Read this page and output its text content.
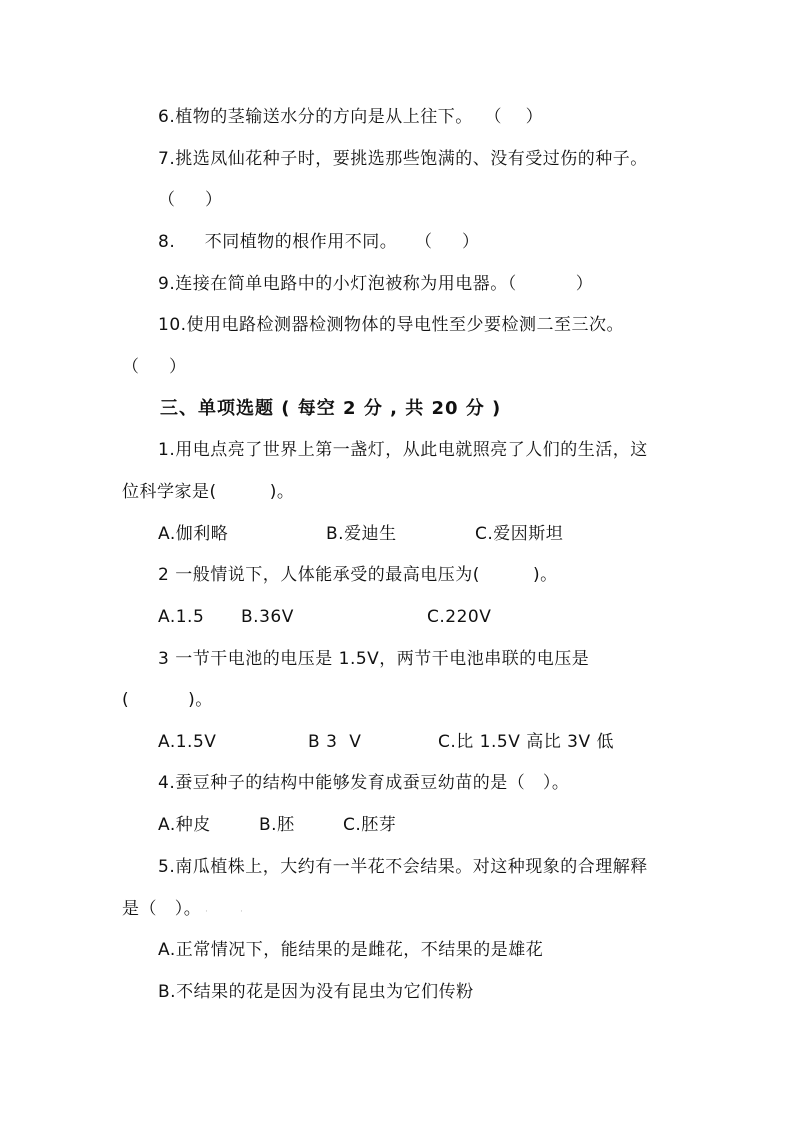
6.植物的茎输送水分的方向是从上往下。  （    ）
7.挑选凤仙花种子时，要挑选那些饱满的、没有受过伤的种子。
（     ）
8.     不同植物的根作用不同。   （     ）
9.连接在简单电路中的小灯泡被称为用电器。（          ）
10.使用电路检测器检测物体的导电性至少要检测二至三次。
（     ）
三、单项选题 ( 每空 2 分 , 共 20 分 )
1.用电点亮了世界上第一盏灯，从此电就照亮了人们的生活，这
位科学家是(         )。
A.伽利略	B.爱迪生	C.爱因斯坦
2 一般情说下，人体能承受的最高电压为(         )。
A.1.5 B.36V	C.220V
3 一节干电池的电压是 1.5V，两节干电池串联的电压是
(          )。
A.1.5V	B 3  V	C.比 1.5V 高比 3V 低
4.蚕豆种子的结构中能够发育成蚕豆幼苗的是（   ）。
A.种皮	B.胚	C.胚芽
5.南瓜植株上，大约有一半花不会结果。对这种现象的合理解释
是（   ）。 ·	·
A.正常情况下，能结果的是雌花，不结果的是雄花
B.不结果的花是因为没有昆虫为它们传粉
